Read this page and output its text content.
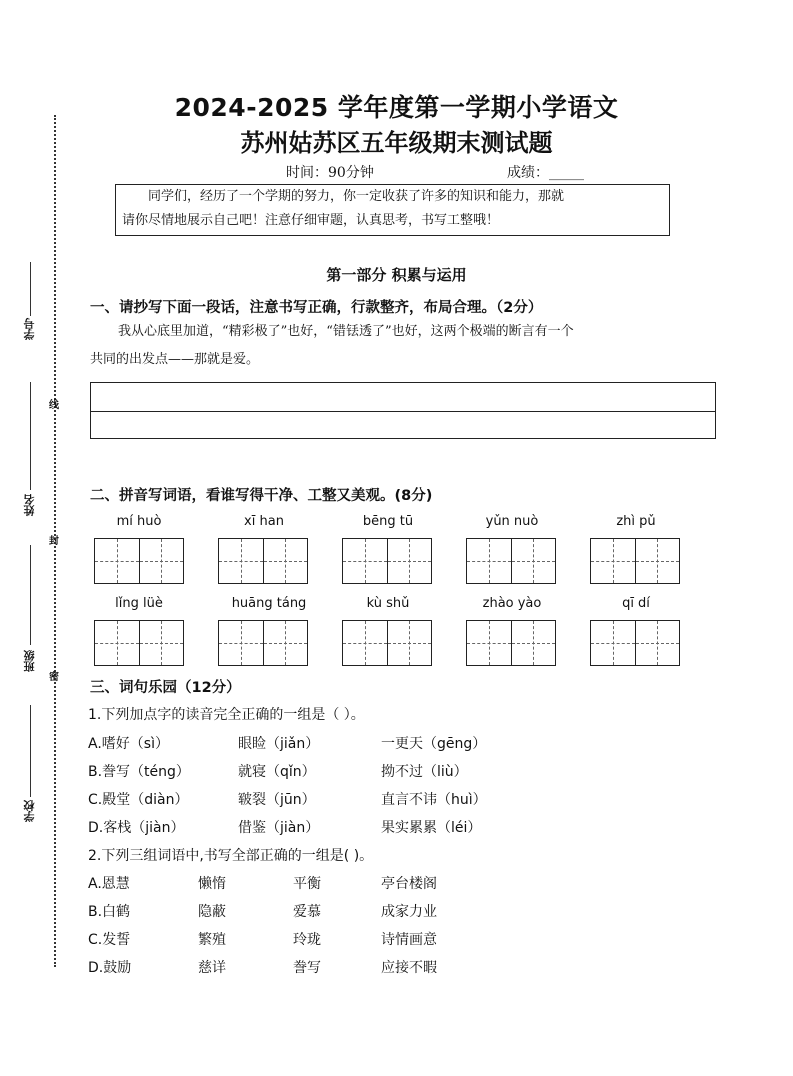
学号
姓名
班级
学校
线
封
密
2024-2025 学年度第一学期小学语文
苏州姑苏区五年级期末测试题
时间：90分钟	成绩：_____
同学们，经历了一个学期的努力，你一定收获了许多的知识和能力，那就
请你尽情地展示自己吧！注意仔细审题，认真思考，书写工整哦！
第一部分 积累与运用
一、请抄写下面一段话，注意书写正确，行款整齐，布局合理。（2分）
我从心底里加道，“精彩极了”也好，“错铥透了”也好，这两个极端的断言有一个
共同的出发点——那就是爱。
二、拼音写词语，看谁写得干净、工整又美观。(8分)
mí huò	xī han	bēng tū	yǔn nuò	zhì pǔ
lǐng lüè	huāng táng	kù shǔ	zhào yào	qī dí
三、词句乐园（12分）
1.下列加点字的读音完全正确的一组是（ ）。
A.嗜好（sì）	眼睑（jiǎn）	一更天（gēng）
B.誊写（téng）	就寝（qǐn）	拗不过（liù）
C.殿堂（diàn）	皲裂（jūn）	直言不讳（huì）
D.客栈（jiàn）	借鉴（jiàn）	果实累累（léi）
2.下列三组词语中,书写全部正确的一组是( )。
A.恩慧	懒惰	平衡	亭台楼阁
B.白鹤	隐蔽	爱慕	成家力业
C.发誓	繁殖	玲珑	诗情画意
D.鼓励	慈详	誊写	应接不暇
